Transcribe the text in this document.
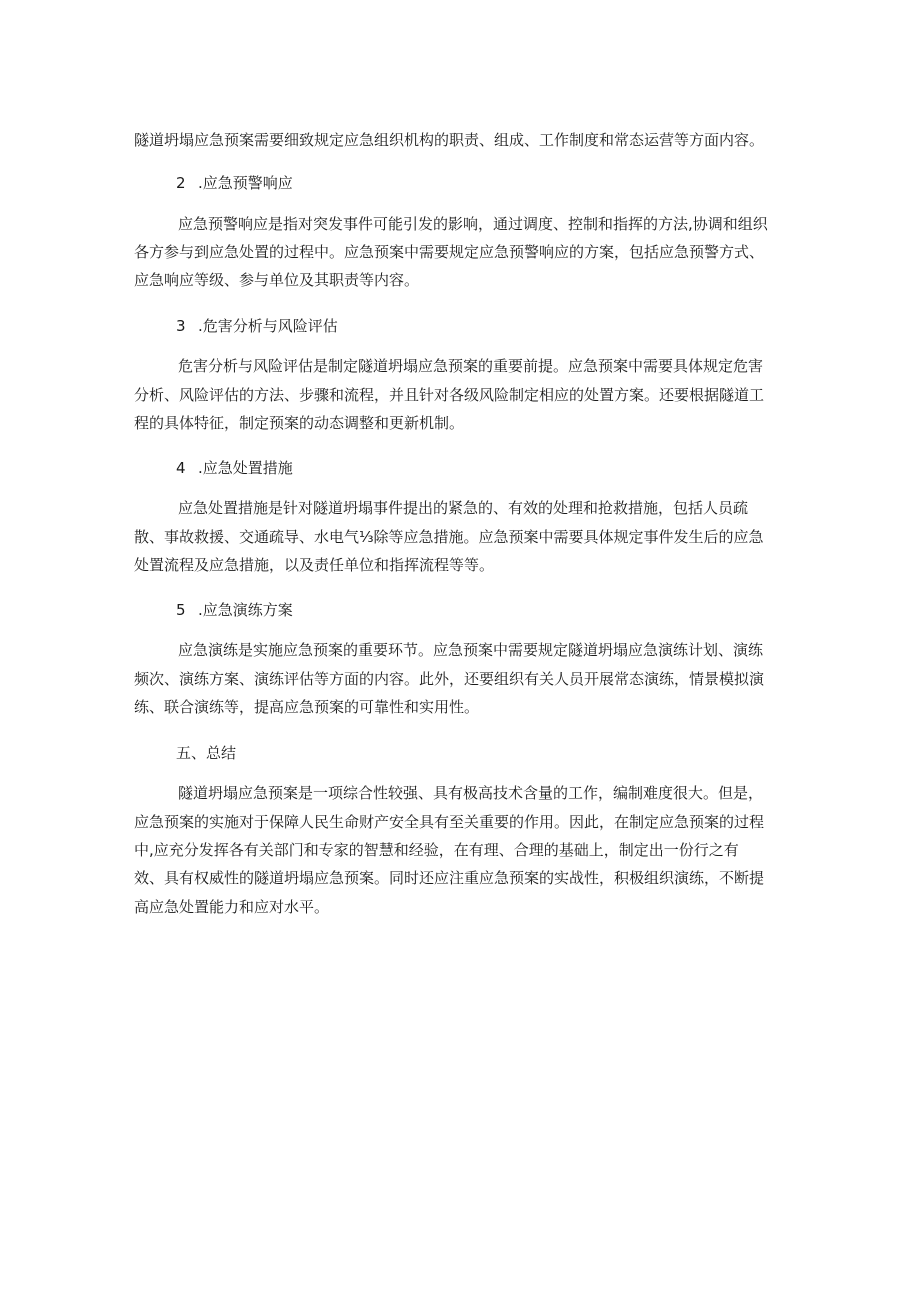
隧道坍塌应急预案需要细致规定应急组织机构的职责、组成、工作制度和常态运营等方面内容。
2 .应急预警响应
应急预警响应是指对突发事件可能引发的影响，通过调度、控制和指挥的方法,协调和组织
各方参与到应急处置的过程中。应急预案中需要规定应急预警响应的方案，包括应急预警方式、
应急响应等级、参与单位及其职责等内容。
3 .危害分析与风险评估
危害分析与风险评估是制定隧道坍塌应急预案的重要前提。应急预案中需要具体规定危害
分析、风险评估的方法、步骤和流程，并且针对各级风险制定相应的处置方案。还要根据隧道工
程的具体特征，制定预案的动态调整和更新机制。
4 .应急处置措施
应急处置措施是针对隧道坍塌事件提出的紧急的、有效的处理和抢救措施，包括人员疏
散、事故救援、交通疏导、水电气⅓除等应急措施。应急预案中需要具体规定事件发生后的应急
处置流程及应急措施，以及责任单位和指挥流程等等。
5 .应急演练方案
应急演练是实施应急预案的重要环节。应急预案中需要规定隧道坍塌应急演练计划、演练
频次、演练方案、演练评估等方面的内容。此外，还要组织有关人员开展常态演练，情景模拟演
练、联合演练等，提高应急预案的可靠性和实用性。
五、总结
隧道坍塌应急预案是一项综合性较强、具有极高技术含量的工作，编制难度很大。但是，
应急预案的实施对于保障人民生命财产安全具有至关重要的作用。因此，在制定应急预案的过程
中,应充分发挥各有关部门和专家的智慧和经验，在有理、合理的基础上，制定出一份行之有
效、具有权威性的隧道坍塌应急预案。同时还应注重应急预案的实战性，积极组织演练，不断提
高应急处置能力和应对水平。
